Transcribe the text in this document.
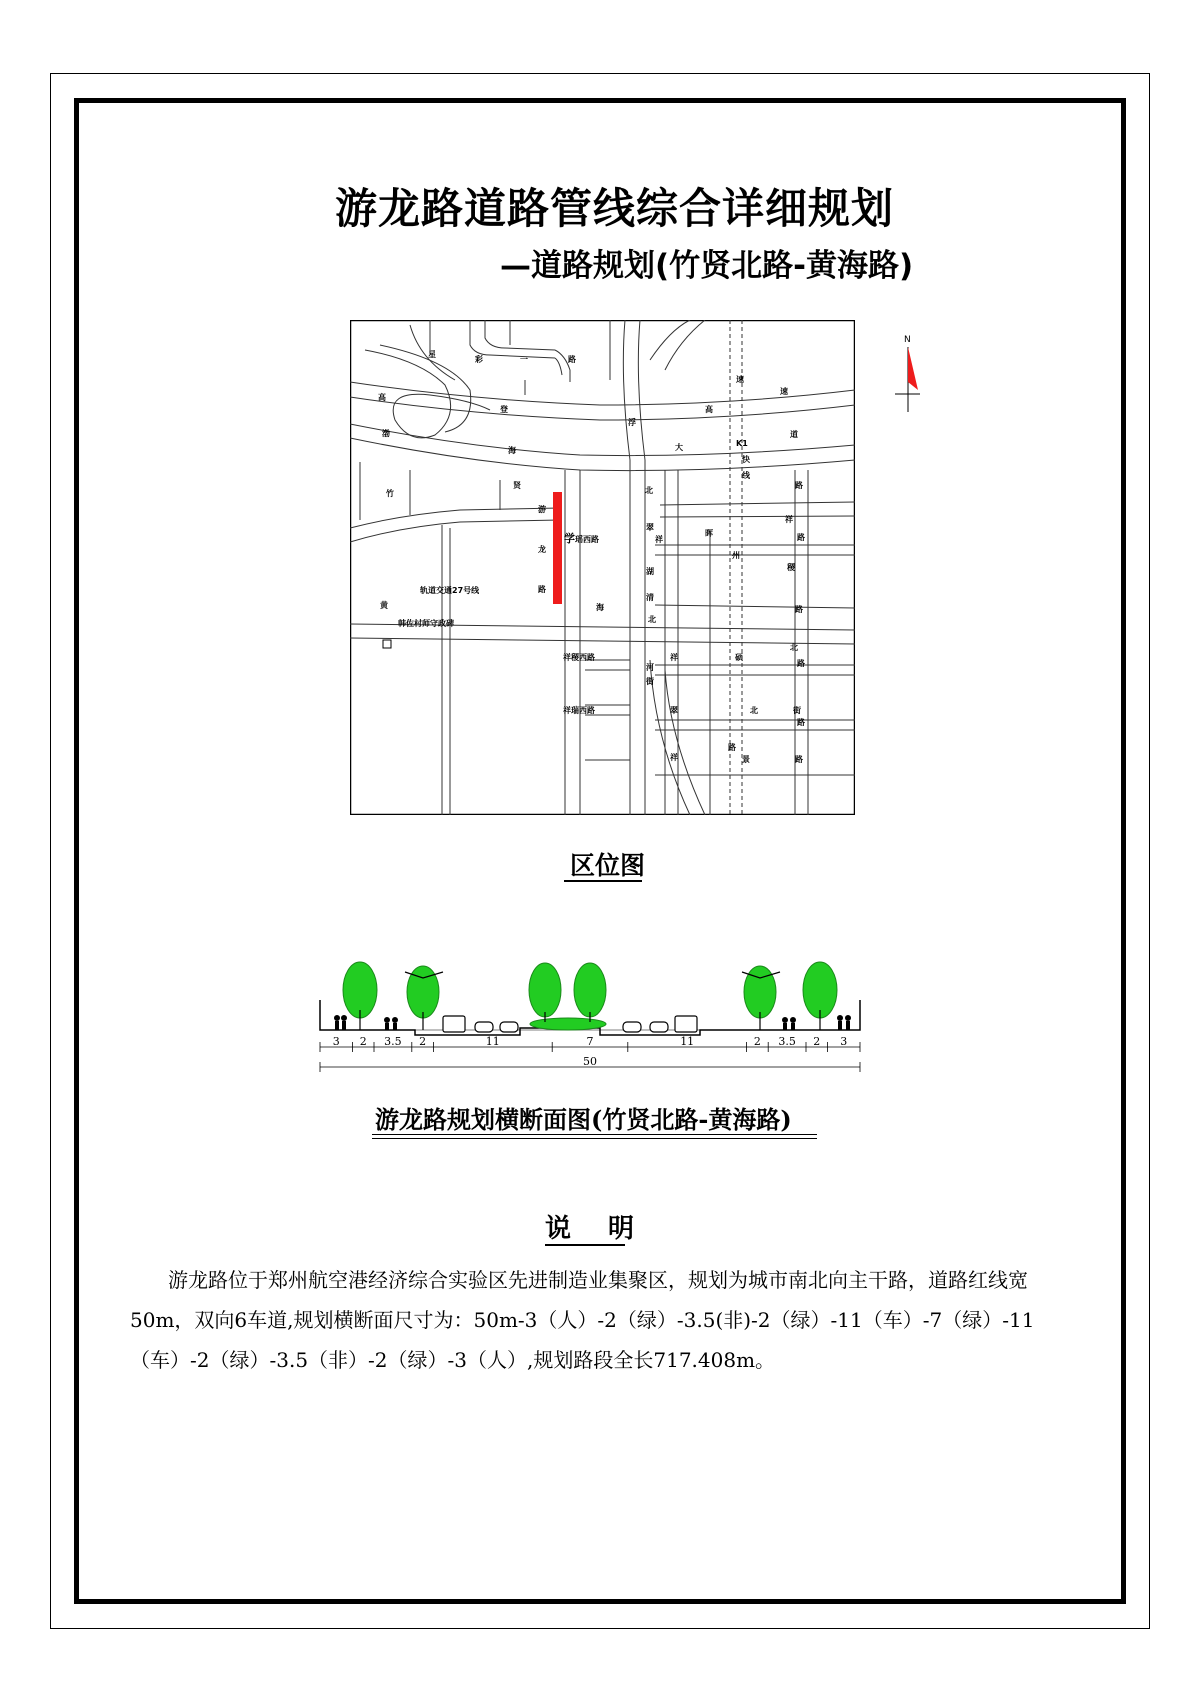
游龙路道路管线综合详细规划
—道路规划(竹贤北路-黄海路)
星
彩	一	路
高
登	高
速
渤
海	大
道
浮
速
K1
快
线
竹
贤
北
路
游
龙
路
学 瑶西路
翠
湖
祥
晖
州
清
祥
路
稷
轨道交通27号线
黄	海
北
路
韩佐村师守政碑
祥稷西路
祥瑞西路
祥	硕
街
河
翠	北	街
路
景	路
祥
北
路
路
N
区位图
3 2 3.5 2	11	7	11	2 3.5 2 3
50
游龙路规划横断面图(竹贤北路-黄海路)
说 明
游龙路位于郑州航空港经济综合实验区先进制造业集聚区，规划为城市南北向主干路，道路红线宽50m，双向6车道,规划横断面尺寸为：50m-3（人）-2（绿）-3.5(非)-2（绿）-11（车）-7（绿）-11（车）-2（绿）-3.5（非）-2（绿）-3（人）,规划路段全长717.408m。
